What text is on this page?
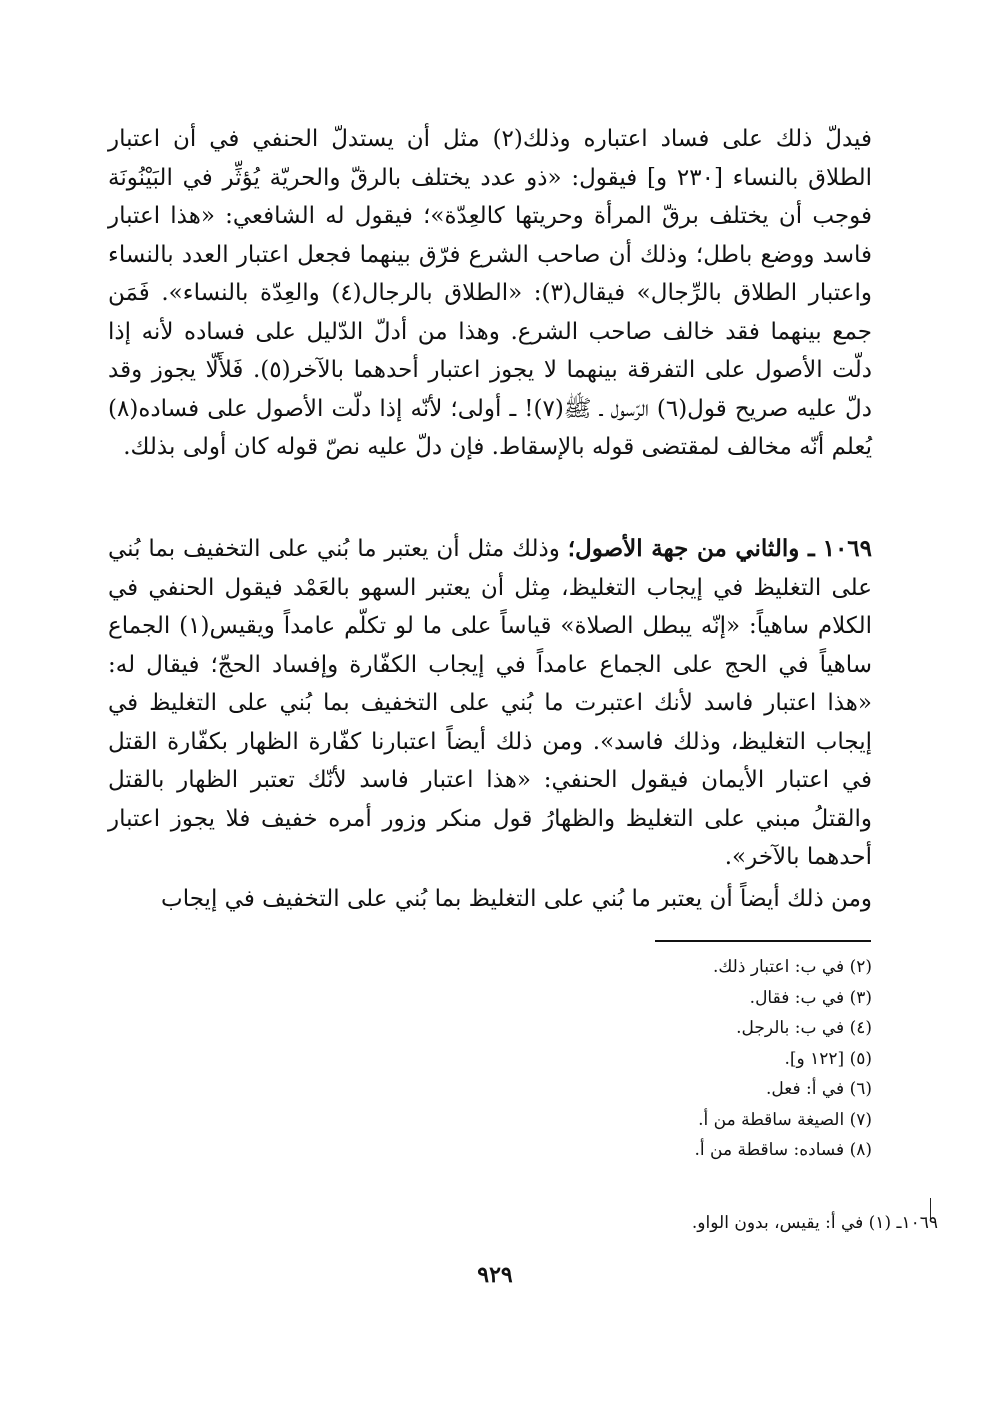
فيدلّ ذلك على فساد اعتباره وذلك(٢) مثل أن يستدلّ الحنفي في أن اعتبار الطلاق بالنساء [٢٣٠ و] فيقول: «ذو عدد يختلف بالرقّ والحريّة يُؤثِّر في البَيْنُونَة فوجب أن يختلف برقّ المرأة وحريتها كالعِدّة»؛ فيقول له الشافعي: «هذا اعتبار فاسد ووضع باطل؛ وذلك أن صاحب الشرع فرّق بينهما فجعل اعتبار العدد بالنساء واعتبار الطلاق بالرِّجال» فيقال(٣): «الطلاق بالرجال(٤) والعِدّة بالنساء». فَمَن جمع بينهما فقد خالف صاحب الشرع. وهذا من أدلّ الدّليل على فساده لأنه إذا دلّت الأصول على التفرقة بينهما لا يجوز اعتبار أحدهما بالآخر(٥). فَلأَلّا يجوز وقد دلّ عليه صريح قول(٦) الرّسول ـ ﷺ(٧)! ـ أولى؛ لأنّه إذا دلّت الأصول على فساده(٨) يُعلم أنّه مخالف لمقتضى قوله بالإسقاط. فإن دلّ عليه نصّ قوله كان أولى بذلك.

١٠٦٩ ـ والثاني من جهة الأصول؛ وذلك مثل أن يعتبر ما بُني على التخفيف بما بُني على التغليظ في إيجاب التغليظ، مِثل أن يعتبر السهو بالعَمْد فيقول الحنفي في الكلام ساهياً: «إنّه يبطل الصلاة» قياساً على ما لو تكلّم عامداً ويقيس(١) الجماع ساهياً في الحج على الجماع عامداً في إيجاب الكفّارة وإفساد الحجّ؛ فيقال له: «هذا اعتبار فاسد لأنك اعتبرت ما بُني على التخفيف بما بُني على التغليظ في إيجاب التغليظ، وذلك فاسد». ومن ذلك أيضاً اعتبارنا كفّارة الظهار بكفّارة القتل في اعتبار الأيمان فيقول الحنفي: «هذا اعتبار فاسد لأنّك تعتبر الظهار بالقتل والقتلُ مبني على التغليظ والظهارُ قول منكر وزور أمره خفيف فلا يجوز اعتبار أحدهما بالآخر».

ومن ذلك أيضاً أن يعتبر ما بُني على التغليظ بما بُني على التخفيف في إيجاب

(٢) في ب: اعتبار ذلك.
(٣) في ب: فقال.
(٤) في ب: بالرجل.
(٥) [١٢٢ و].
(٦) في أ: فعل.
(٧) الصيغة ساقطة من أ.
(٨) فساده: ساقطة من أ.
١٠٦٩ـ (١) في أ: يقيس، بدون الواو.
٩٢٩
